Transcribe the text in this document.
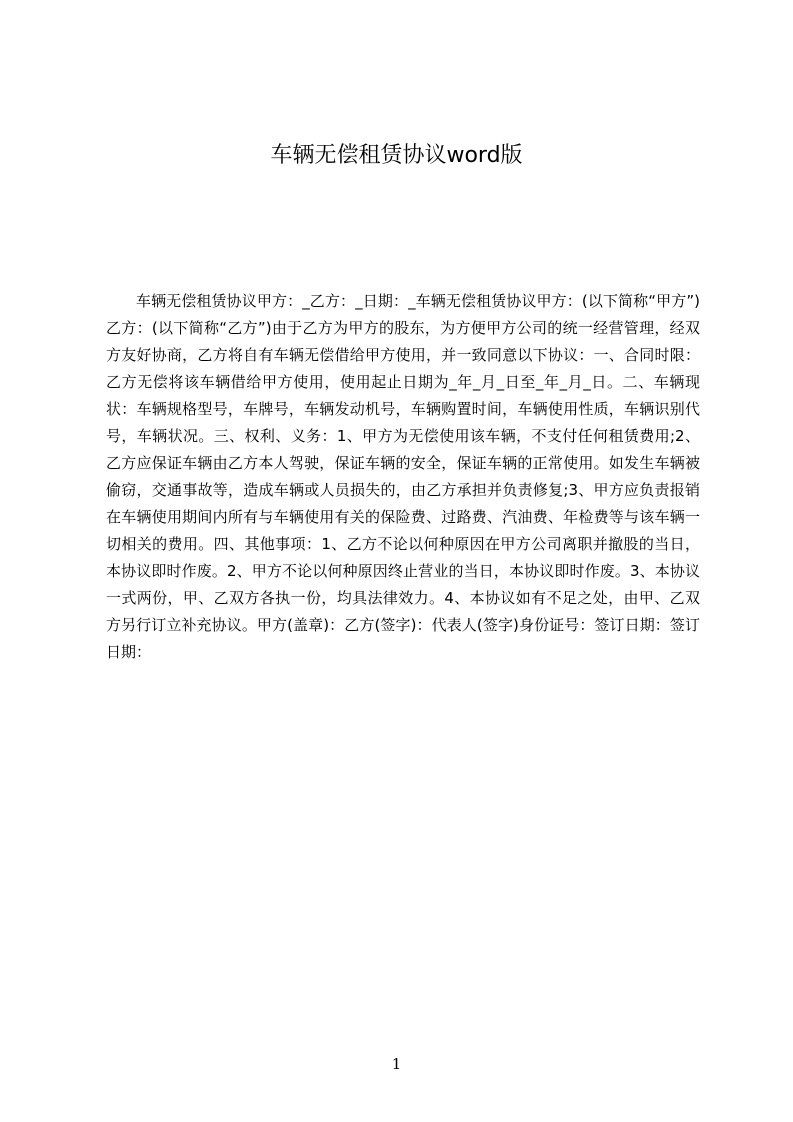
车辆无偿租赁协议word版
车辆无偿租赁协议甲方：_乙方：_日期：_车辆无偿租赁协议甲方：(以下简称“甲方”)乙方：(以下简称“乙方”)由于乙方为甲方的股东，为方便甲方公司的统一经营管理，经双方友好协商，乙方将自有车辆无偿借给甲方使用，并一致同意以下协议：一、合同时限：乙方无偿将该车辆借给甲方使用，使用起止日期为_年_月_日至_年_月_日。二、车辆现状：车辆规格型号，车牌号，车辆发动机号，车辆购置时间，车辆使用性质，车辆识别代号，车辆状况。三、权利、义务：1、甲方为无偿使用该车辆，不支付任何租赁费用;2、乙方应保证车辆由乙方本人驾驶，保证车辆的安全，保证车辆的正常使用。如发生车辆被偷窃，交通事故等，造成车辆或人员损失的，由乙方承担并负责修复;3、甲方应负责报销在车辆使用期间内所有与车辆使用有关的保险费、过路费、汽油费、年检费等与该车辆一切相关的费用。四、其他事项：1、乙方不论以何种原因在甲方公司离职并撤股的当日，本协议即时作废。2、甲方不论以何种原因终止营业的当日，本协议即时作废。3、本协议一式两份，甲、乙双方各执一份，均具法律效力。4、本协议如有不足之处，由甲、乙双方另行订立补充协议。甲方(盖章)：乙方(签字)：代表人(签字)身份证号：签订日期：签订日期：
1
